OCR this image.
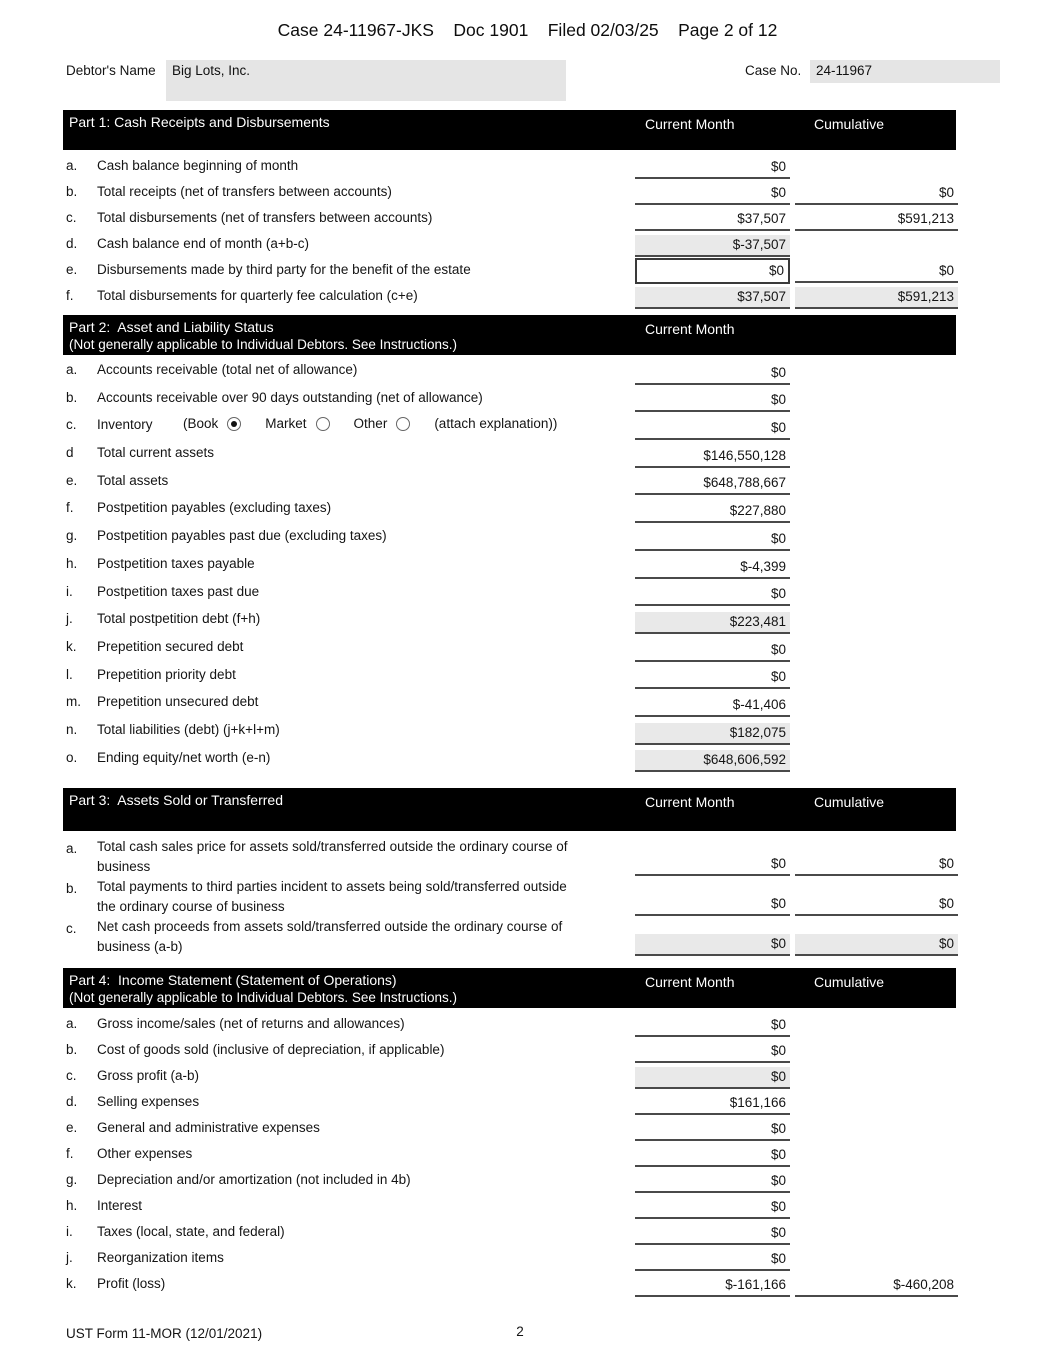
Case 24-11967-JKS    Doc 1901    Filed 02/03/25    Page 2 of 12
Debtor's Name	Big Lots, Inc.	Case No.	24-11967
Part 1: Cash Receipts and Disbursements	Current Month	Cumulative
a. Cash balance beginning of month	$0
b. Total receipts (net of transfers between accounts)	$0	$0
c. Total disbursements (net of transfers between accounts)	$37,507	$591,213
d. Cash balance end of month (a+b-c)	$-37,507
e. Disbursements made by third party for the benefit of the estate	$0	$0
f. Total disbursements for quarterly fee calculation (c+e)	$37,507	$591,213
Part 2:  Asset and Liability Status
(Not generally applicable to Individual Debtors. See Instructions.)
Current Month
a. Accounts receivable (total net of allowance)	$0
b. Accounts receivable over 90 days outstanding (net of allowance)	$0
c. Inventory (Book	Market	Other	(attach explanation))	$0
d Total current assets	$146,550,128
e. Total assets	$648,788,667
f. Postpetition payables (excluding taxes)	$227,880
g. Postpetition payables past due (excluding taxes)	$0
h. Postpetition taxes payable	$-4,399
i. Postpetition taxes past due	$0
j. Total postpetition debt (f+h)	$223,481
k. Prepetition secured debt	$0
l. Prepetition priority debt	$0
m. Prepetition unsecured debt	$-41,406
n. Total liabilities (debt) (j+k+l+m)	$182,075
o. Ending equity/net worth (e-n)	$648,606,592
Part 3:  Assets Sold or Transferred	Current Month	Cumulative
a. Total cash sales price for assets sold/transferred outside the ordinary course of business	$0	$0
b. Total payments to third parties incident to assets being sold/transferred outside the ordinary course of business	$0	$0
c. Net cash proceeds from assets sold/transferred outside the ordinary course of business (a-b)	$0	$0
Part 4:  Income Statement (Statement of Operations)
(Not generally applicable to Individual Debtors. See Instructions.)
Current Month	Cumulative
a. Gross income/sales (net of returns and allowances)	$0
b. Cost of goods sold (inclusive of depreciation, if applicable)	$0
c. Gross profit (a-b)	$0
d. Selling expenses	$161,166
e. General and administrative expenses	$0
f. Other expenses	$0
g. Depreciation and/or amortization (not included in 4b)	$0
h. Interest	$0
i. Taxes (local, state, and federal)	$0
j. Reorganization items	$0
k. Profit (loss)	$-161,166	$-460,208
UST Form 11-MOR (12/01/2021)	2
